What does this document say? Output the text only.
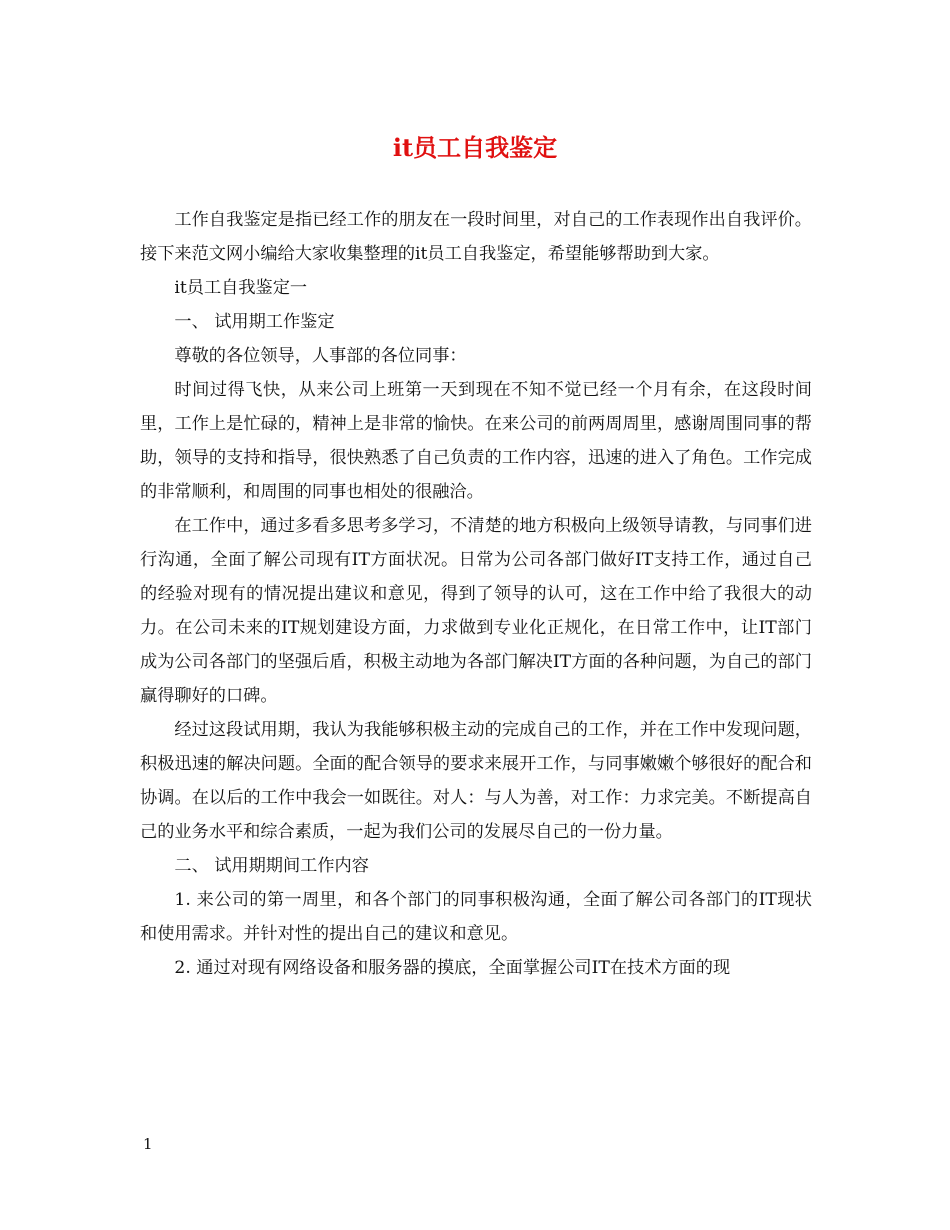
it员工自我鉴定

工作自我鉴定是指已经工作的朋友在一段时间里，对自己的工作表现作出自我评价。接下来范文网小编给大家收集整理的it员工自我鉴定，希望能够帮助到大家。

it员工自我鉴定一

一、 试用期工作鉴定

尊敬的各位领导，人事部的各位同事：

时间过得飞快，从来公司上班第一天到现在不知不觉已经一个月有余，在这段时间里，工作上是忙碌的，精神上是非常的愉快。在来公司的前两周周里，感谢周围同事的帮助，领导的支持和指导，很快熟悉了自己负责的工作内容，迅速的进入了角色。工作完成的非常顺利，和周围的同事也相处的很融洽。

在工作中，通过多看多思考多学习，不清楚的地方积极向上级领导请教，与同事们进行沟通，全面了解公司现有IT方面状况。日常为公司各部门做好IT支持工作，通过自己的经验对现有的情况提出建议和意见，得到了领导的认可，这在工作中给了我很大的动力。在公司未来的IT规划建设方面，力求做到专业化正规化，在日常工作中，让IT部门成为公司各部门的坚强后盾，积极主动地为各部门解决IT方面的各种问题，为自己的部门赢得聊好的口碑。

经过这段试用期，我认为我能够积极主动的完成自己的工作，并在工作中发现问题，积极迅速的解决问题。全面的配合领导的要求来展开工作，与同事嫩嫩个够很好的配合和协调。在以后的工作中我会一如既往。对人：与人为善，对工作：力求完美。不断提高自己的业务水平和综合素质，一起为我们公司的发展尽自己的一份力量。

二、 试用期期间工作内容

1. 来公司的第一周里，和各个部门的同事积极沟通，全面了解公司各部门的IT现状和使用需求。并针对性的提出自己的建议和意见。

2. 通过对现有网络设备和服务器的摸底，全面掌握公司IT在技术方面的现

1
